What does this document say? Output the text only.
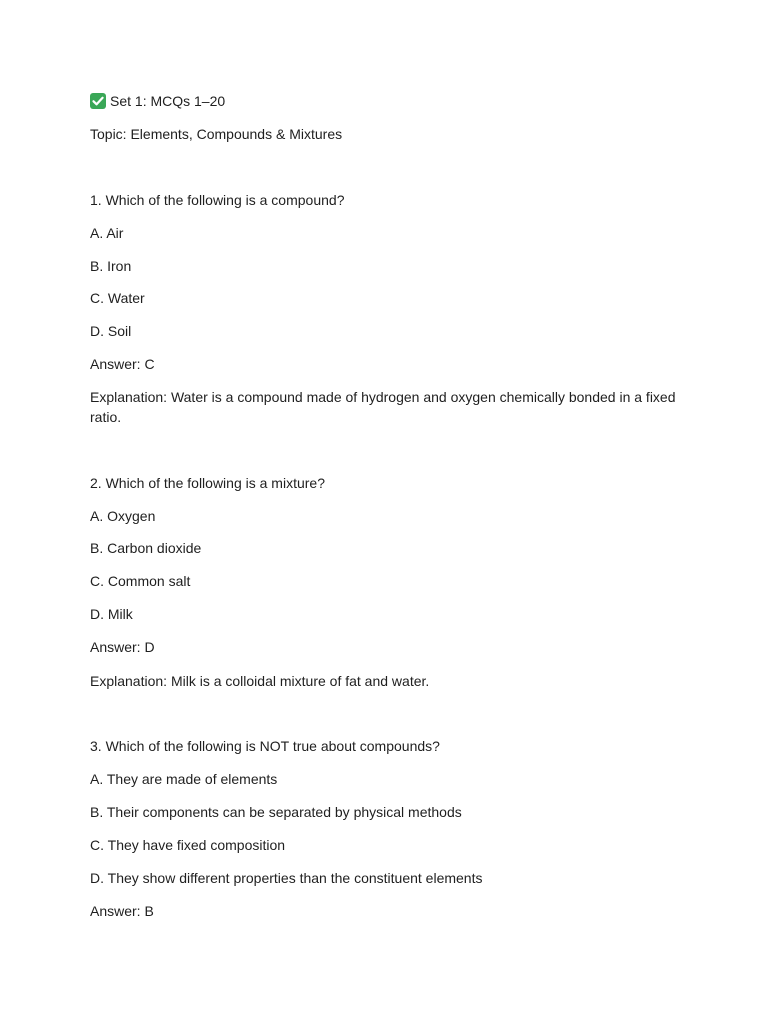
Set 1: MCQs 1–20
Topic: Elements, Compounds & Mixtures
1. Which of the following is a compound?
A. Air
B. Iron
C. Water
D. Soil
Answer: C
Explanation: Water is a compound made of hydrogen and oxygen chemically bonded in a fixed ratio.
2. Which of the following is a mixture?
A. Oxygen
B. Carbon dioxide
C. Common salt
D. Milk
Answer: D
Explanation: Milk is a colloidal mixture of fat and water.
3. Which of the following is NOT true about compounds?
A. They are made of elements
B. Their components can be separated by physical methods
C. They have fixed composition
D. They show different properties than the constituent elements
Answer: B
